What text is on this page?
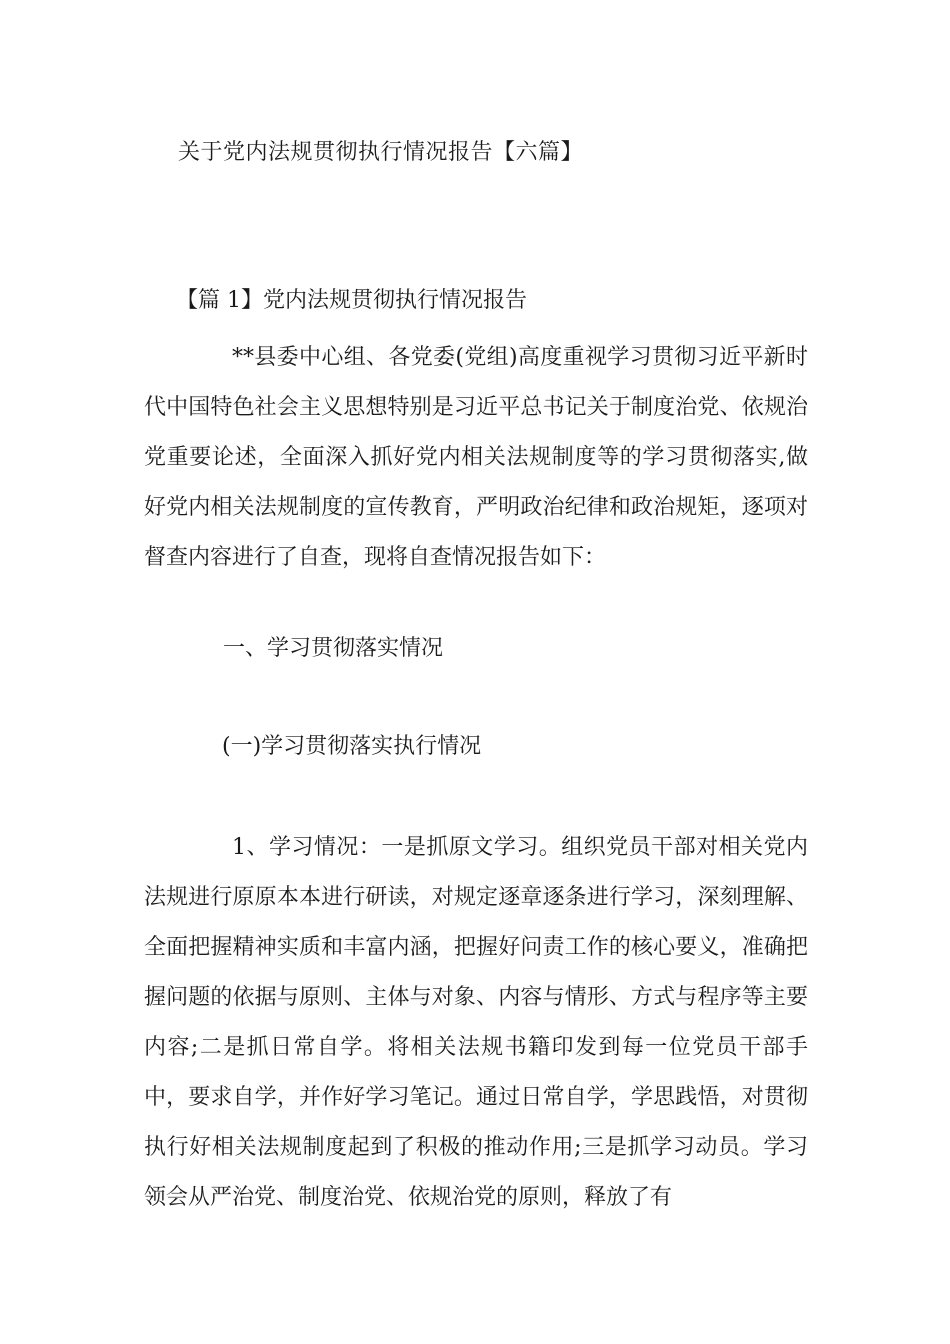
关于党内法规贯彻执行情况报告【六篇】
【篇 1】党内法规贯彻执行情况报告

**县委中心组、各党委(党组)高度重视学习贯彻习近平新时代中国特色社会主义思想特别是习近平总书记关于制度治党、依规治党重要论述，全面深入抓好党内相关法规制度等的学习贯彻落实,做好党内相关法规制度的宣传教育，严明政治纪律和政治规矩，逐项对督查内容进行了自查，现将自查情况报告如下：

一、学习贯彻落实情况
(一)学习贯彻落实执行情况

1、学习情况：一是抓原文学习。组织党员干部对相关党内法规进行原原本本进行研读，对规定逐章逐条进行学习，深刻理解、全面把握精神实质和丰富内涵，把握好问责工作的核心要义，准确把握问题的依据与原则、主体与对象、内容与情形、方式与程序等主要内容;二是抓日常自学。将相关法规书籍印发到每一位党员干部手中，要求自学，并作好学习笔记。通过日常自学，学思践悟，对贯彻执行好相关法规制度起到了积极的推动作用;三是抓学习动员。学习领会从严治党、制度治党、依规治党的原则，释放了有
